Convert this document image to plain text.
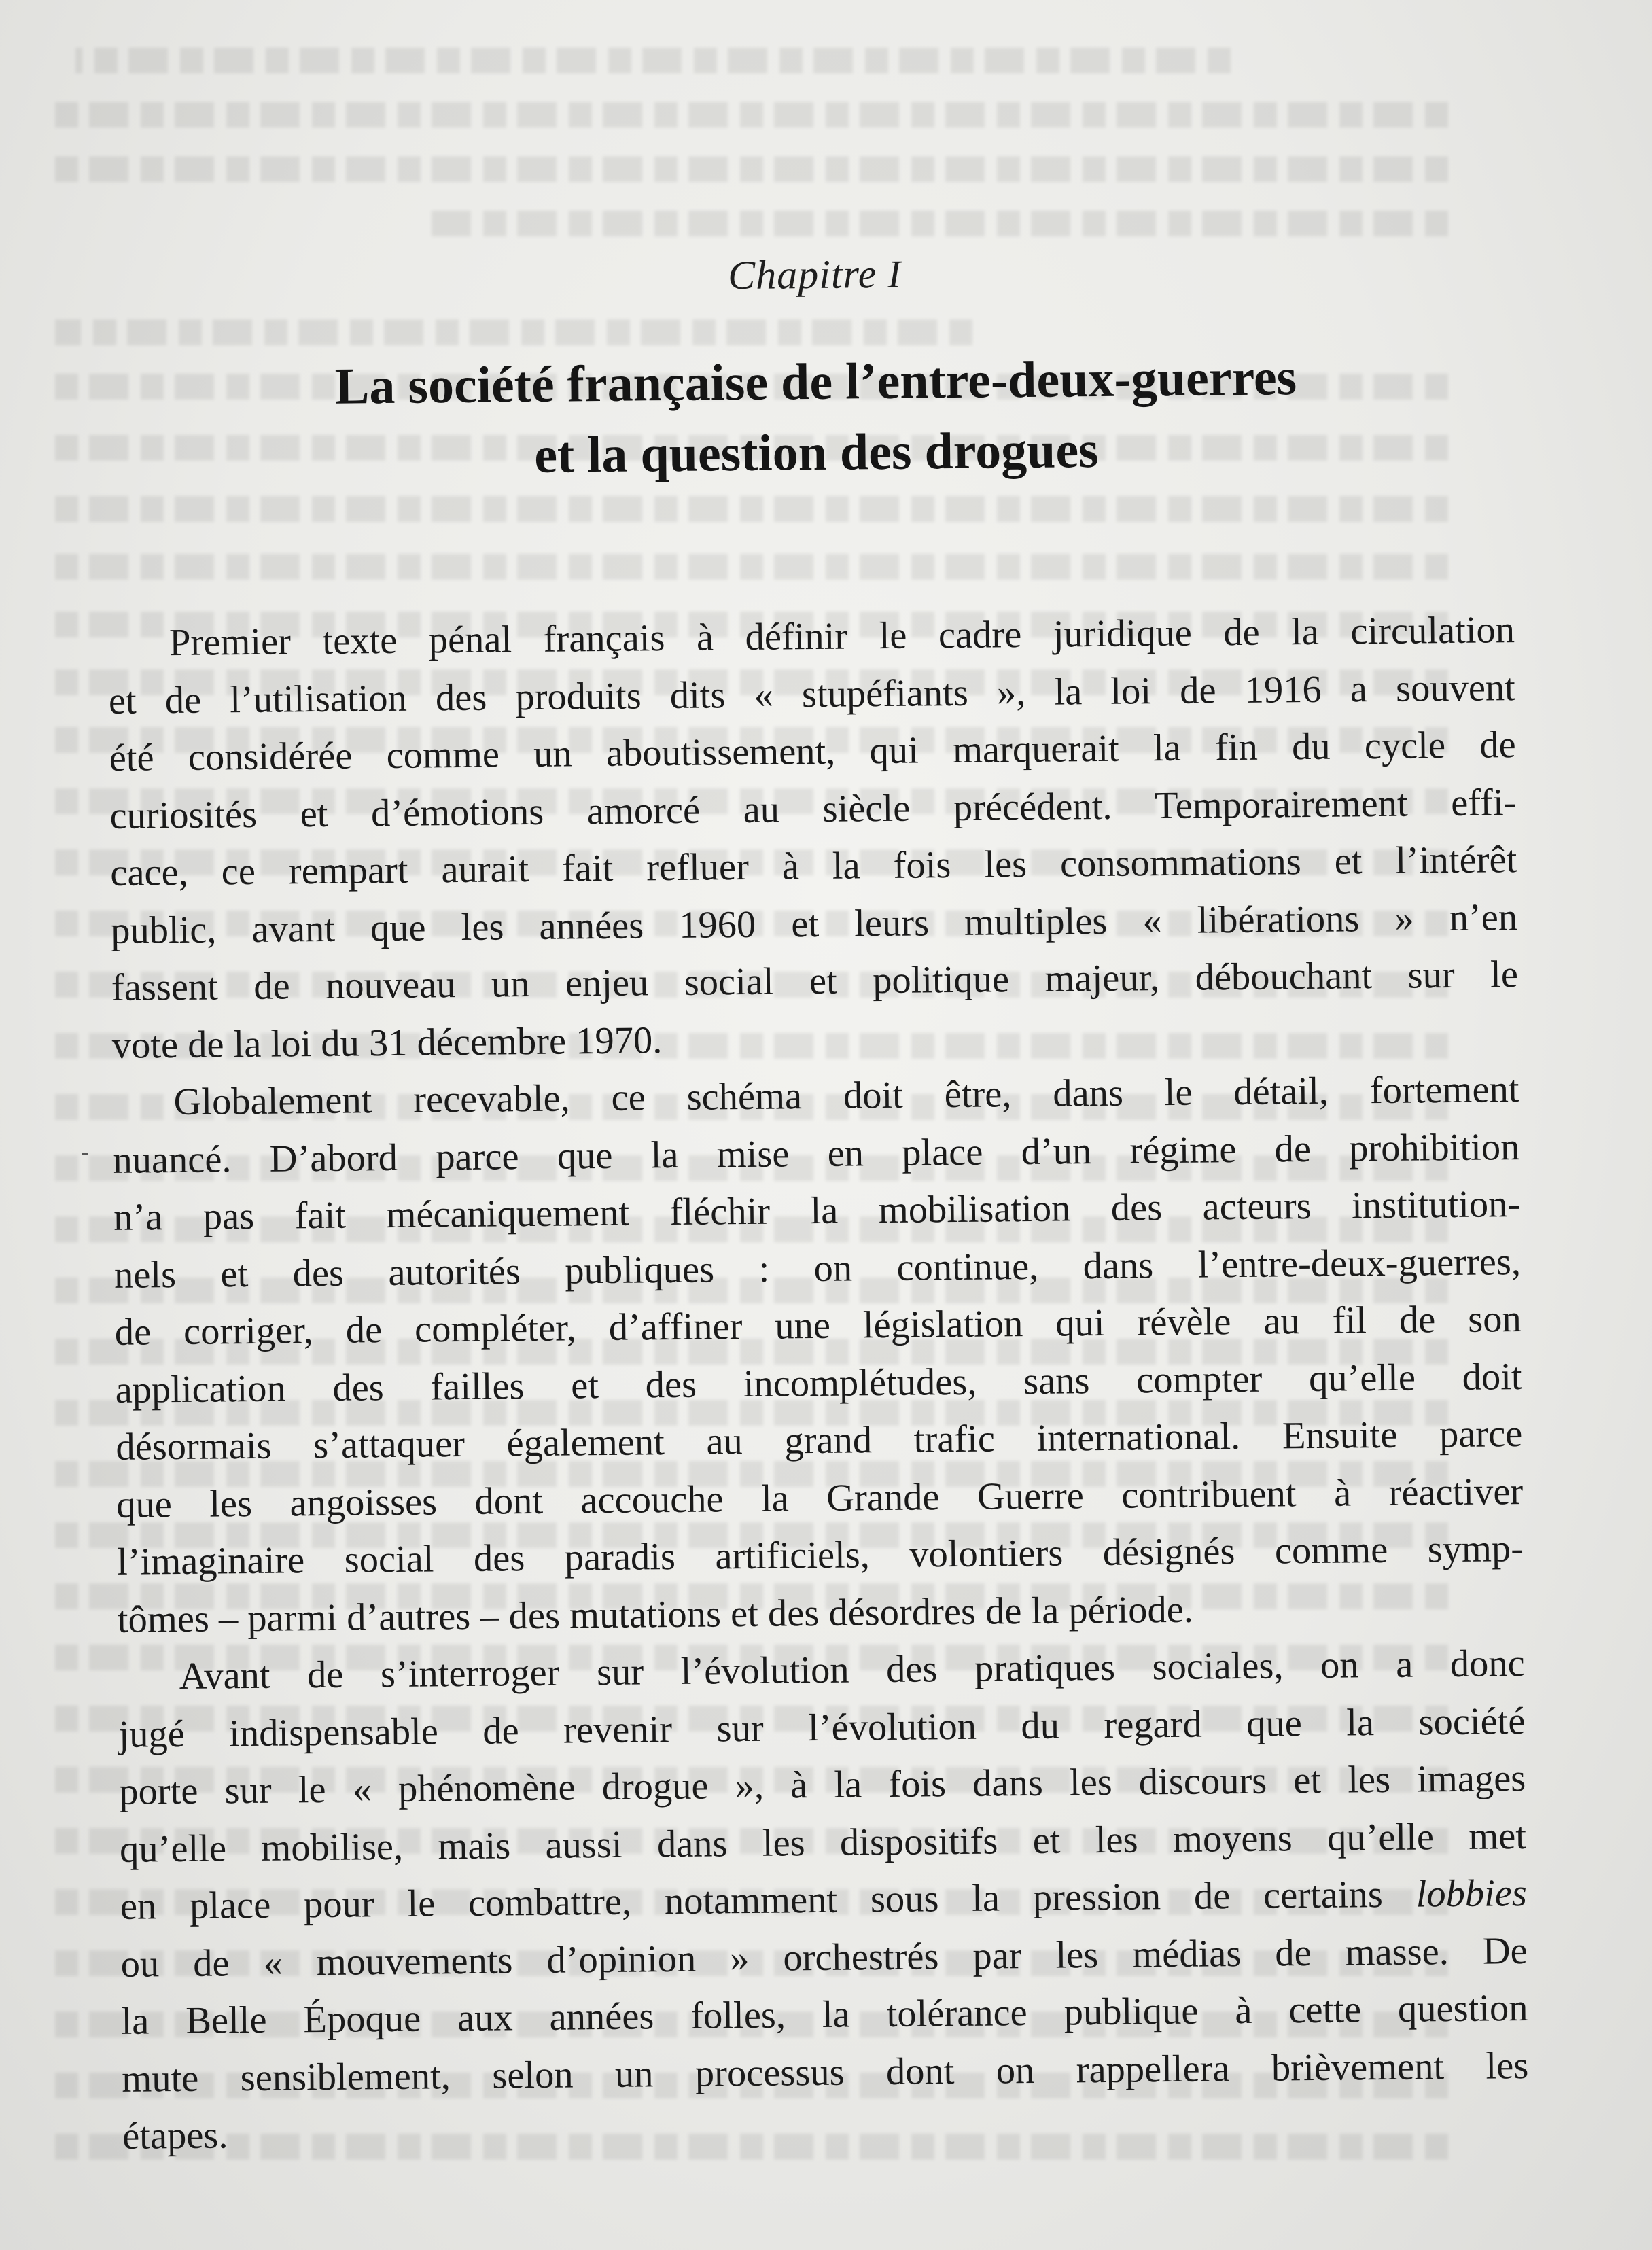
Chapitre I
La société française de l’entre-deux-guerres
et la question des drogues
Premier texte pénal français à définir le cadre juridique de la circulation
et de l’utilisation des produits dits « stupéfiants », la loi de 1916 a souvent
été considérée comme un aboutissement, qui marquerait la fin du cycle de
curiosités et d’émotions amorcé au siècle précédent. Temporairement effi-
cace, ce rempart aurait fait refluer à la fois les consommations et l’intérêt
public, avant que les années 1960 et leurs multiples « libérations » n’en
fassent de nouveau un enjeu social et politique majeur, débouchant sur le
vote de la loi du 31 décembre 1970.
Globalement recevable, ce schéma doit être, dans le détail, fortement
nuancé. D’abord parce que la mise en place d’un régime de prohibition
n’a pas fait mécaniquement fléchir la mobilisation des acteurs institution-
nels et des autorités publiques : on continue, dans l’entre-deux-guerres,
de corriger, de compléter, d’affiner une législation qui révèle au fil de son
application des failles et des incomplétudes, sans compter qu’elle doit
désormais s’attaquer également au grand trafic international. Ensuite parce
que les angoisses dont accouche la Grande Guerre contribuent à réactiver
l’imaginaire social des paradis artificiels, volontiers désignés comme symp-
tômes – parmi d’autres – des mutations et des désordres de la période.
Avant de s’interroger sur l’évolution des pratiques sociales, on a donc
jugé indispensable de revenir sur l’évolution du regard que la société
porte sur le « phénomène drogue », à la fois dans les discours et les images
qu’elle mobilise, mais aussi dans les dispositifs et les moyens qu’elle met
en place pour le combattre, notamment sous la pression de certains lobbies
ou de « mouvements d’opinion » orchestrés par les médias de masse. De
la Belle Époque aux années folles, la tolérance publique à cette question
mute sensiblement, selon un processus dont on rappellera brièvement les
étapes.
